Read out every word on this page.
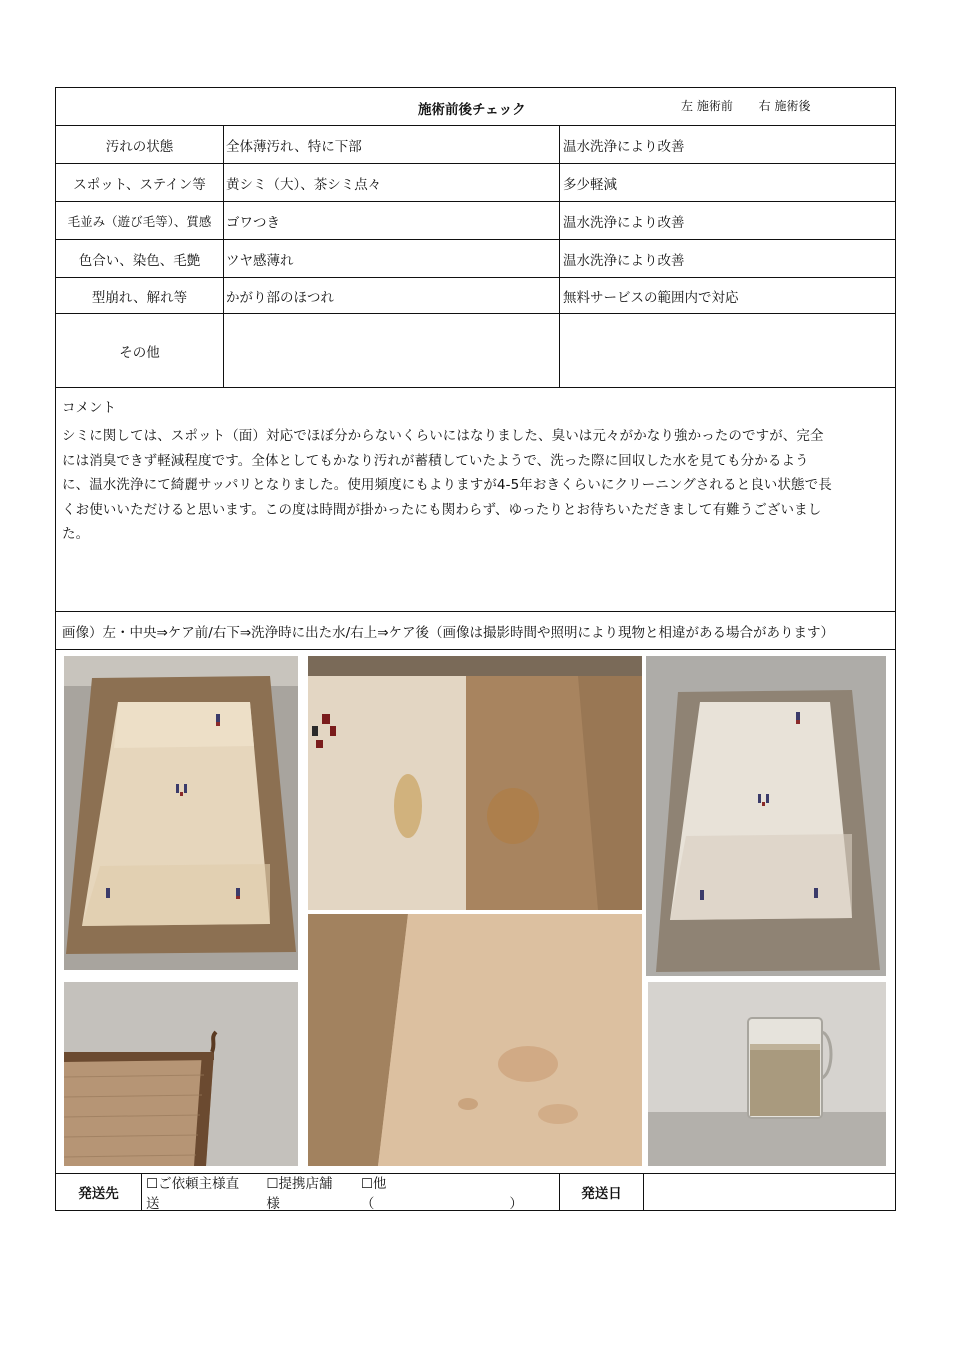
施術前後チェック	左 施術前 右 施術後
汚れの状態	全体薄汚れ、特に下部	温水洗浄により改善
スポット、ステイン等	黄シミ（大）、茶シミ点々	多少軽減
毛並み（遊び毛等）、質感	ゴワつき	温水洗浄により改善
色合い、染色、毛艶	ツヤ感薄れ	温水洗浄により改善
型崩れ、解れ等	かがり部のほつれ	無料サービスの範囲内で対応
その他
コメント
シミに関しては、スポット（面）対応でほぼ分からないくらいにはなりました、臭いは元々がかなり強かったのですが、完全
には消臭できず軽減程度です。全体としてもかなり汚れが蓄積していたようで、洗った際に回収した水を見ても分かるよう
に、温水洗浄にて綺麗サッパリとなりました。使用頻度にもよりますが4-5年おきくらいにクリーニングされると良い状態で長
くお使いいただけると思います。この度は時間が掛かったにも関わらず、ゆったりとお待ちいただきまして有難うございまし
た。
画像）左・中央⇒ケア前/右下⇒洗浄時に出た水/右上⇒ケア後（画像は撮影時間や照明により現物と相違がある場合があります）
発送先
☐ご依頼主様直送
☐提携店舗様
☐他（　　　　　　　　　　）
発送日
